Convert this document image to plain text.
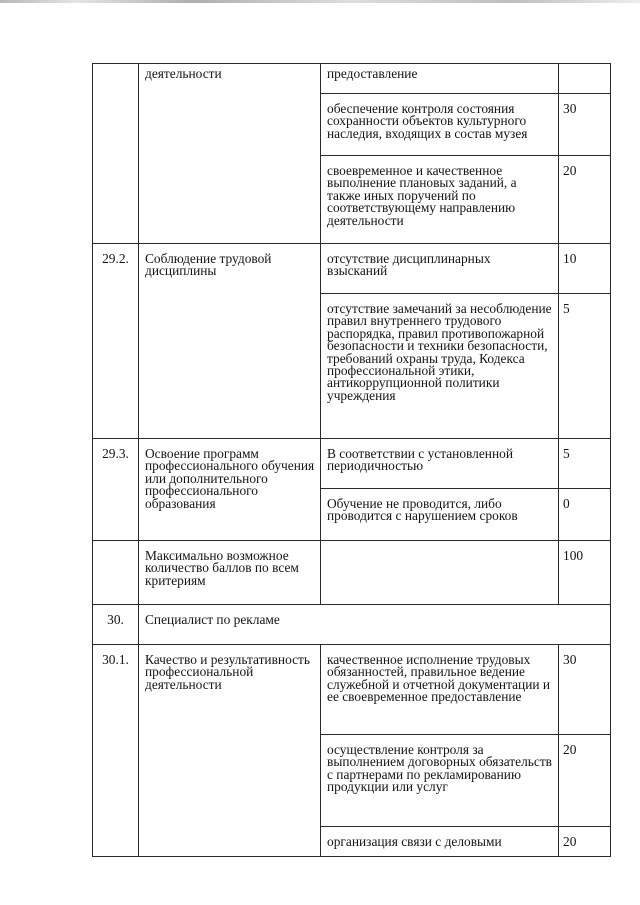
	деятельности	предоставление	
		обеспечение контроля состояния сохранности объектов культурного наследия, входящих в состав музея	30
		своевременное и качественное выполнение плановых заданий, а также иных поручений по соответствующему направлению деятельности	20
29.2.	Соблюдение трудовой дисциплины	отсутствие дисциплинарных взысканий	10
		отсутствие замечаний за несоблюдение правил внутреннего трудового распорядка, правил противопожарной безопасности и техники безопасности, требований охраны труда, Кодекса профессиональной этики, антикоррупционной политики учреждения	5
29.3.	Освоение программ профессионального обучения или дополнительного профессионального образования	В соответствии с установленной периодичностью	5
		Обучение не проводится, либо проводится с нарушением сроков	0
	Максимально возможное количество баллов по всем критериям		100
30.	Специалист по рекламе		
30.1.	Качество и результативность профессиональной деятельности	качественное исполнение трудовых обязанностей, правильное ведение служебной и отчетной документации и ее своевременное предоставление	30
		осуществление контроля за выполнением договорных обязательств с партнерами по рекламированию продукции или услуг	20
		организация связи с деловыми	20
